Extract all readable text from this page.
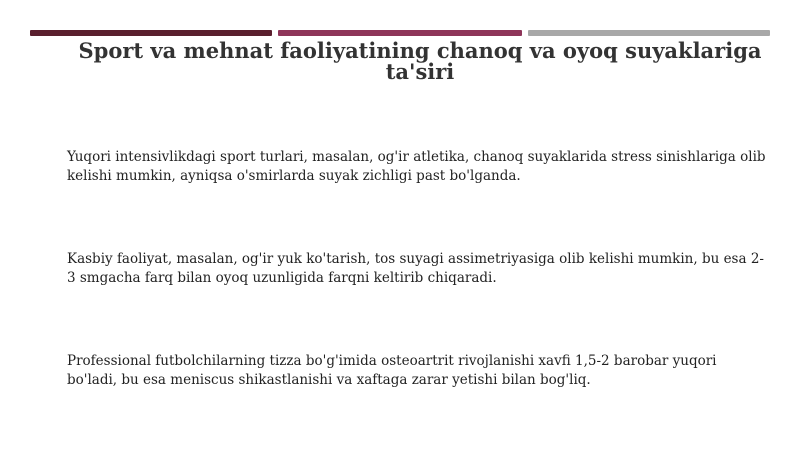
Sport va mehnat faoliyatining chanoq va oyoq suyaklariga ta'siri

Yuqori intensivlikdagi sport turlari, masalan, og'ir atletika, chanoq suyaklarida stress sinishlariga olib kelishi mumkin, ayniqsa o'smirlarda suyak zichligi past bo'lganda.

Kasbiy faoliyat, masalan, og'ir yuk ko'tarish, tos suyagi assimetriyasiga olib kelishi mumkin, bu esa 2-3 smgacha farq bilan oyoq uzunligida farqni keltirib chiqaradi.

Professional futbolchilarning tizza bo'g'imida osteoartrit rivojlanishi xavfi 1,5-2 barobar yuqori bo'ladi, bu esa meniscus shikastlanishi va xaftaga zarar yetishi bilan bog'liq.
